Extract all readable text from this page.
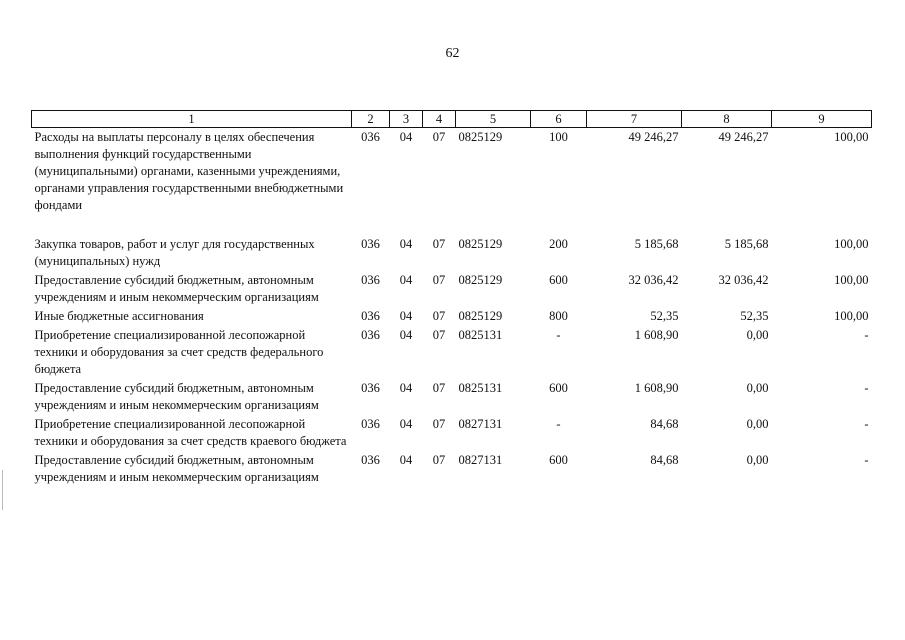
62
1	2	3	4	5	6	7	8	9
Расходы на выплаты персоналу в целях обеспечения выполнения функций государственными (муниципальными) органами, казенными учреждениями, органами управления государственными внебюджетными фондами	036	04	07	0825129	100	49 246,27	49 246,27	100,00

Закупка товаров, работ и услуг для государственных (муниципальных) нужд	036	04	07	0825129	200	5 185,68	5 185,68	100,00
Предоставление субсидий бюджетным, автономным учреждениям и иным некоммерческим организациям	036	04	07	0825129	600	32 036,42	32 036,42	100,00
Иные бюджетные ассигнования	036	04	07	0825129	800	52,35	52,35	100,00
Приобретение специализированной лесопожарной техники и оборудования за счет средств федерального бюджета	036	04	07	0825131	-	1 608,90	0,00	-
Предоставление субсидий бюджетным, автономным учреждениям и иным некоммерческим организациям	036	04	07	0825131	600	1 608,90	0,00	-
Приобретение специализированной лесопожарной техники и оборудования за счет средств краевого бюджета	036	04	07	0827131	-	84,68	0,00	-
Предоставление субсидий бюджетным, автономным учреждениям и иным некоммерческим организациям	036	04	07	0827131	600	84,68	0,00	-
